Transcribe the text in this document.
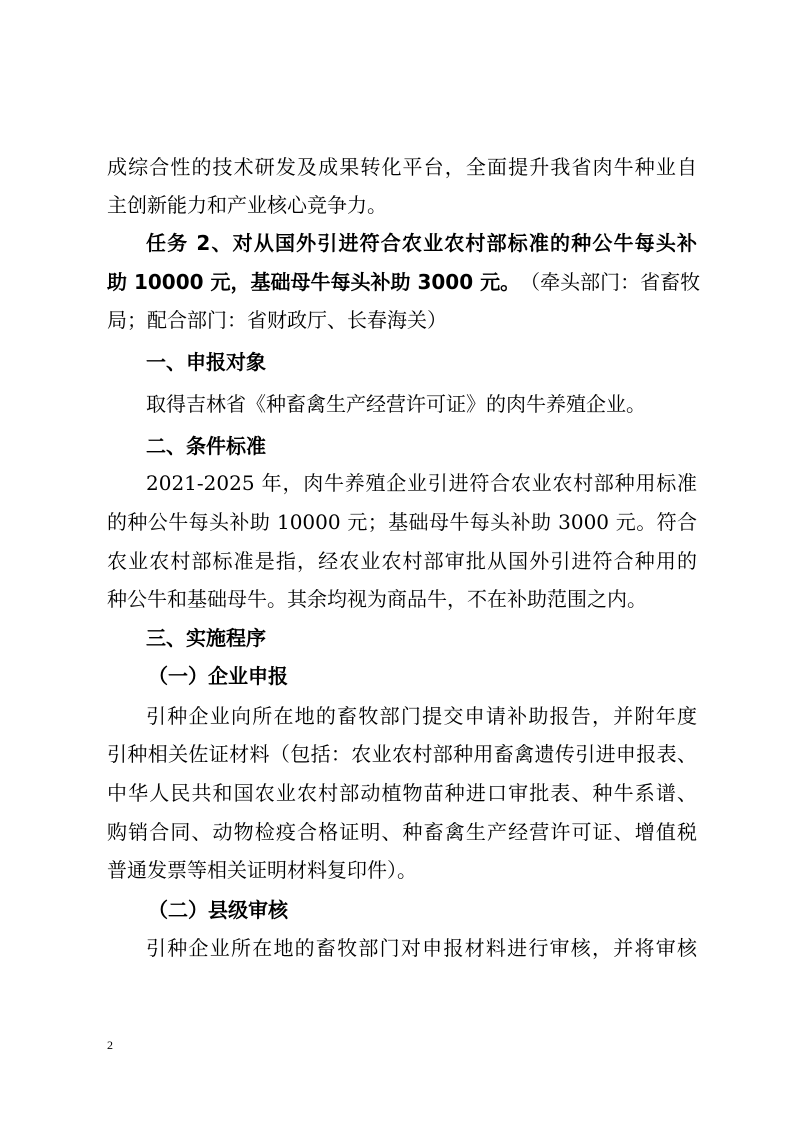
成综合性的技术研发及成果转化平台，全面提升我省肉牛种业自
主创新能力和产业核心竞争力。
任务 2、对从国外引进符合农业农村部标准的种公牛每头补
助 10000 元，基础母牛每头补助 3000 元。 （牵头部门：省畜牧
局；配合部门：省财政厅、长春海关）
一、申报对象
取得吉林省《种畜禽生产经营许可证》的肉牛养殖企业。
二、条件标准
2021-2025 年，肉牛养殖企业引进符合农业农村部种用标准
的种公牛每头补助 10000 元；基础母牛每头补助 3000 元。符合
农业农村部标准是指，经农业农村部审批从国外引进符合种用的
种公牛和基础母牛。其余均视为商品牛，不在补助范围之内。
三、实施程序
（一）企业申报
引种企业向所在地的畜牧部门提交申请补助报告，并附年度
引种相关佐证材料（包括：农业农村部种用畜禽遗传引进申报表、
中华人民共和国农业农村部动植物苗种进口审批表、种牛系谱、
购销合同、动物检疫合格证明、种畜禽生产经营许可证、增值税
普通发票等相关证明材料复印件）。
（二）县级审核
引种企业所在地的畜牧部门对申报材料进行审核，并将审核
2
